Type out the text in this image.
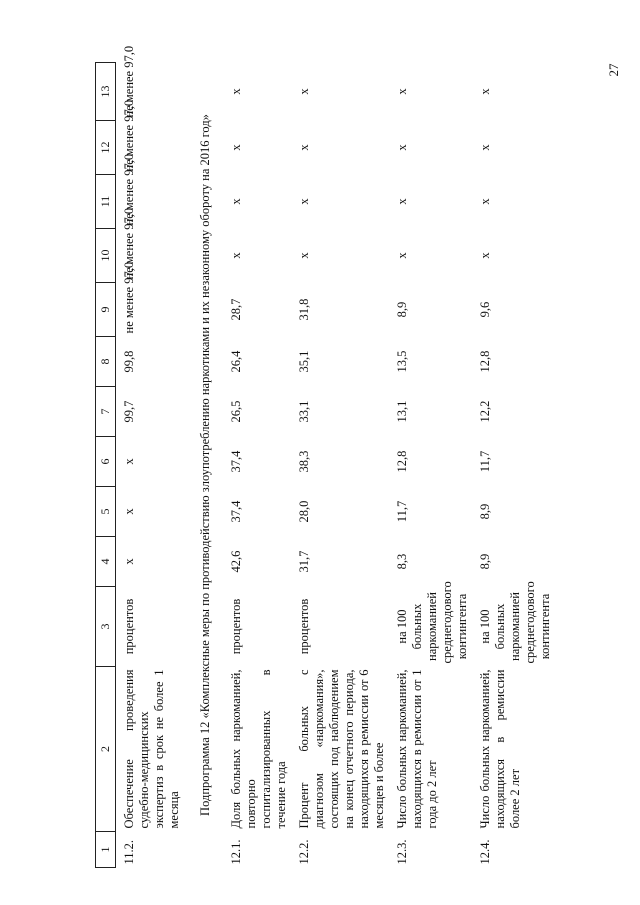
27
1	2	3	4	5	6	7	8	9	10	11	12	13
11.2.	Обеспечение проведения судебно-медицинских экспертиз в срок не более 1 месяца	процентов	x	x	x	99,7	99,8	не менее 97,0	не менее 97,0	не менее 97,0	не менее 97,0	не менее 97,0
Подпрограмма 12 «Комплексные меры по противодействию злоупотреблению наркотиками и их незаконному обороту на 2016 год»												
12.1.	Доля больных наркоманией, повторно госпитализированных в течение года	процентов	42,6	37,4	37,4	26,5	26,4	28,7	x	x	x	x
12.2.	Процент больных с диагнозом «наркомания», состоящих под наблюдением на конец отчетного периода, находящихся в ремиссии от 6 месяцев и более	процентов	31,7	28,0	38,3	33,1	35,1	31,8	x	x	x	x
12.3.	Число больных наркоманией, находящихся в ремиссии от 1 года до 2 лет	на 100 больных наркоманией среднегодового контингента	8,3	11,7	12,8	13,1	13,5	8,9	x	x	x	x
12.4.	Число больных наркоманией, находящихся в ремиссии более 2 лет	на 100 больных наркоманией среднегодового контингента	8,9	8,9	11,7	12,2	12,8	9,6	x	x	x	x
